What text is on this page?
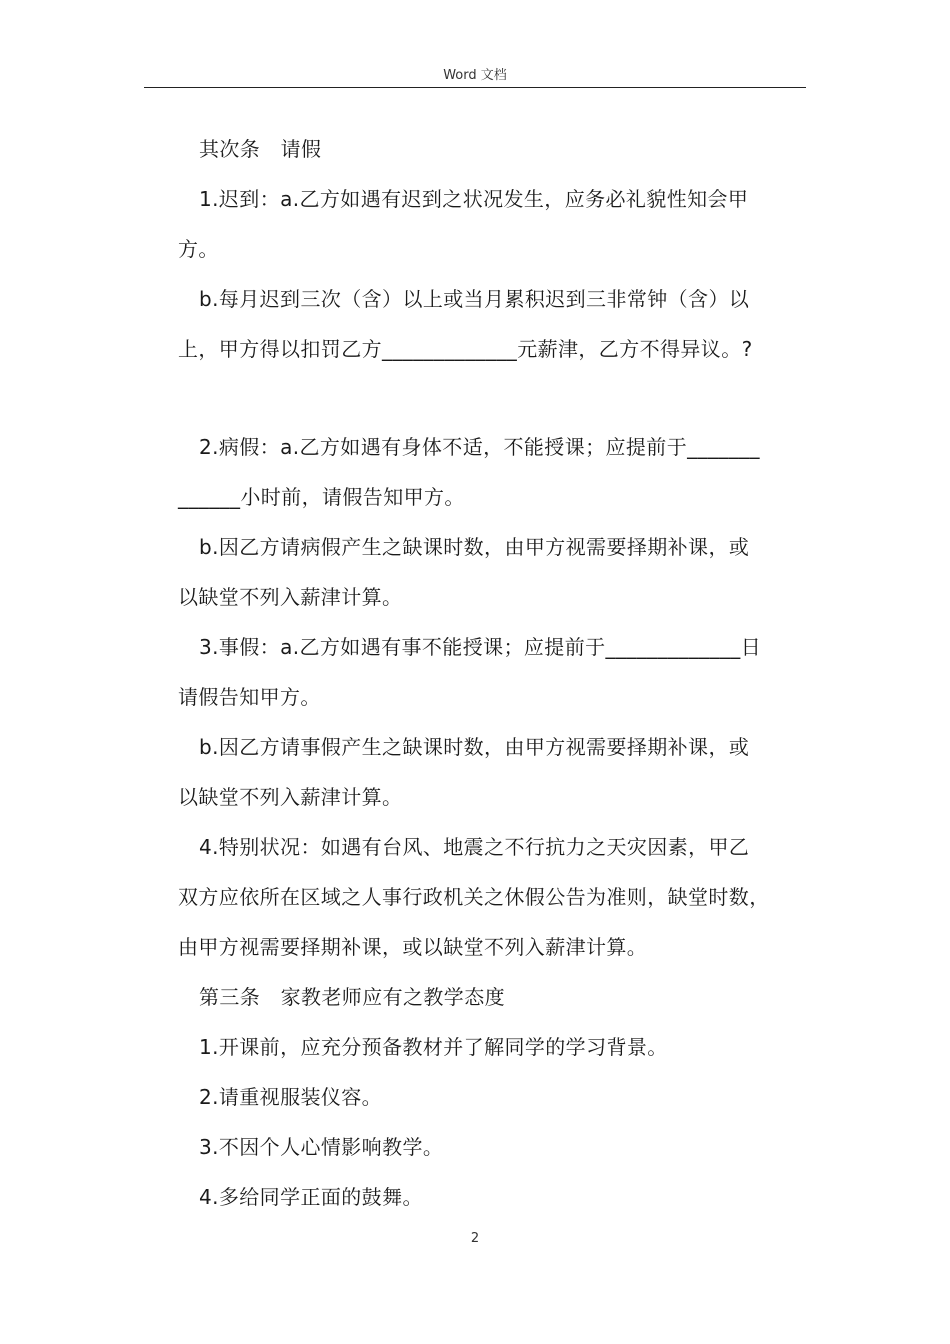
Word 文档
其次条　请假
1.迟到：a.乙方如遇有迟到之状况发生，应务必礼貌性知会甲
方。
b.每月迟到三次（含）以上或当月累积迟到三非常钟（含）以
上，甲方得以扣罚乙方_____________元薪津，乙方不得异议。?
2.病假：a.乙方如遇有身体不适，不能授课；应提前于_______
______小时前，请假告知甲方。
b.因乙方请病假产生之缺课时数，由甲方视需要择期补课，或
以缺堂不列入薪津计算。
3.事假：a.乙方如遇有事不能授课；应提前于_____________日
请假告知甲方。
b.因乙方请事假产生之缺课时数，由甲方视需要择期补课，或
以缺堂不列入薪津计算。
4.特别状况：如遇有台风、地震之不行抗力之天灾因素，甲乙
双方应依所在区域之人事行政机关之休假公告为准则，缺堂时数，
由甲方视需要择期补课，或以缺堂不列入薪津计算。
第三条　家教老师应有之教学态度
1.开课前，应充分预备教材并了解同学的学习背景。
2.请重视服装仪容。
3.不因个人心情影响教学。
4.多给同学正面的鼓舞。
2
